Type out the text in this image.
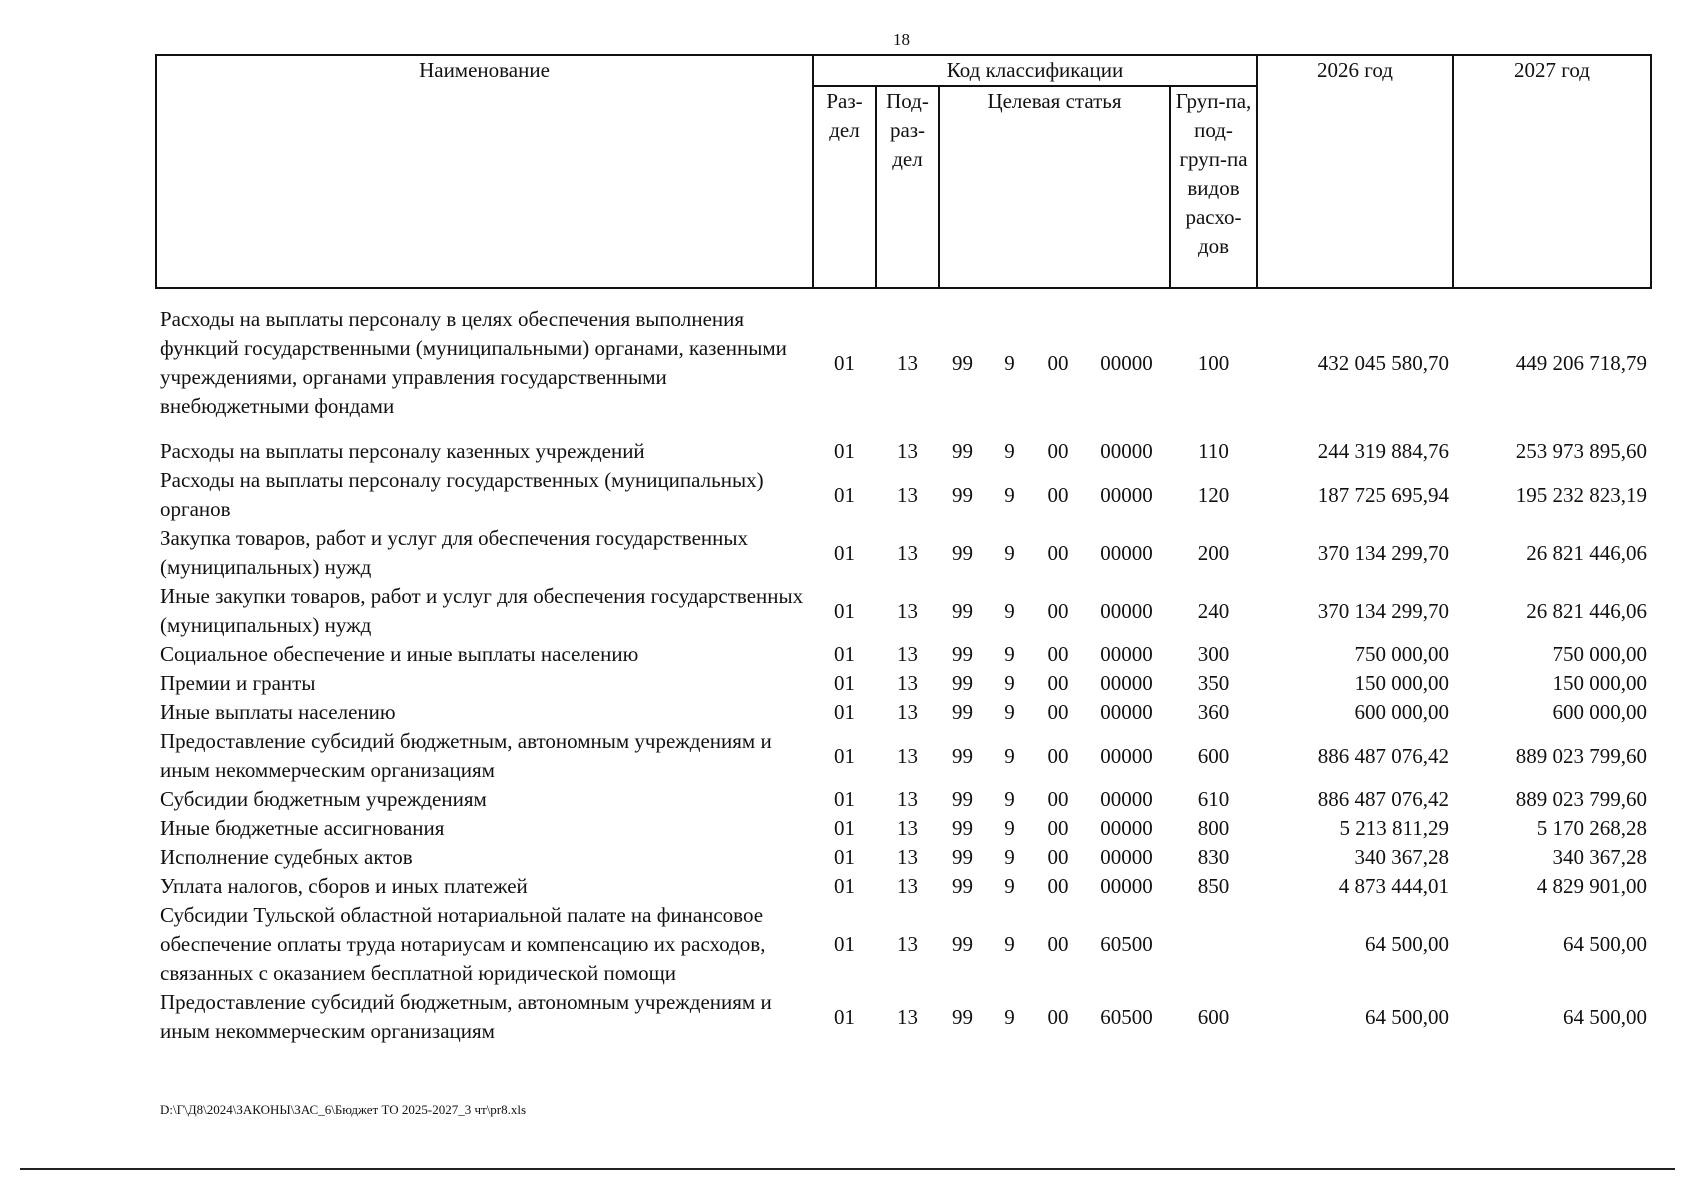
18
Наименование	Код классификации							2026 год	2027 год
	Раз-дел	Под-раз-дел	Целевая статья				Груп-па, под-груп-па видов расхо-дов		

Расходы на выплаты персоналу в целях обеспечения выполнения функций государственными (муниципальными) органами, казенными учреждениями, органами управления государственными внебюджетными фондами	01	13	99	9	00	00000	100	432 045 580,70	449 206 718,79

Расходы на выплаты персоналу казенных учреждений	01	13	99	9	00	00000	110	244 319 884,76	253 973 895,60
Расходы на выплаты персоналу государственных (муниципальных) органов	01	13	99	9	00	00000	120	187 725 695,94	195 232 823,19
Закупка товаров, работ и услуг для обеспечения государственных (муниципальных) нужд	01	13	99	9	00	00000	200	370 134 299,70	26 821 446,06
Иные закупки товаров, работ и услуг для обеспечения государственных (муниципальных) нужд	01	13	99	9	00	00000	240	370 134 299,70	26 821 446,06
Социальное обеспечение и иные выплаты населению	01	13	99	9	00	00000	300	750 000,00	750 000,00
Премии и гранты	01	13	99	9	00	00000	350	150 000,00	150 000,00
Иные выплаты населению	01	13	99	9	00	00000	360	600 000,00	600 000,00
Предоставление субсидий бюджетным, автономным учреждениям и иным некоммерческим организациям	01	13	99	9	00	00000	600	886 487 076,42	889 023 799,60
Субсидии бюджетным учреждениям	01	13	99	9	00	00000	610	886 487 076,42	889 023 799,60
Иные бюджетные ассигнования	01	13	99	9	00	00000	800	5 213 811,29	5 170 268,28
Исполнение судебных актов	01	13	99	9	00	00000	830	340 367,28	340 367,28
Уплата налогов, сборов и иных платежей	01	13	99	9	00	00000	850	4 873 444,01	4 829 901,00
Субсидии Тульской областной нотариальной палате на финансовое обеспечение оплаты труда нотариусам и компенсацию их расходов, связанных с оказанием бесплатной юридической помощи	01	13	99	9	00	60500		64 500,00	64 500,00
Предоставление субсидий бюджетным, автономным учреждениям и иным некоммерческим организациям	01	13	99	9	00	60500	600	64 500,00	64 500,00
D:\Г\Д8\2024\ЗАКОНЫ\ЗАС_6\Бюджет ТО 2025-2027_3 чт\pr8.xls
